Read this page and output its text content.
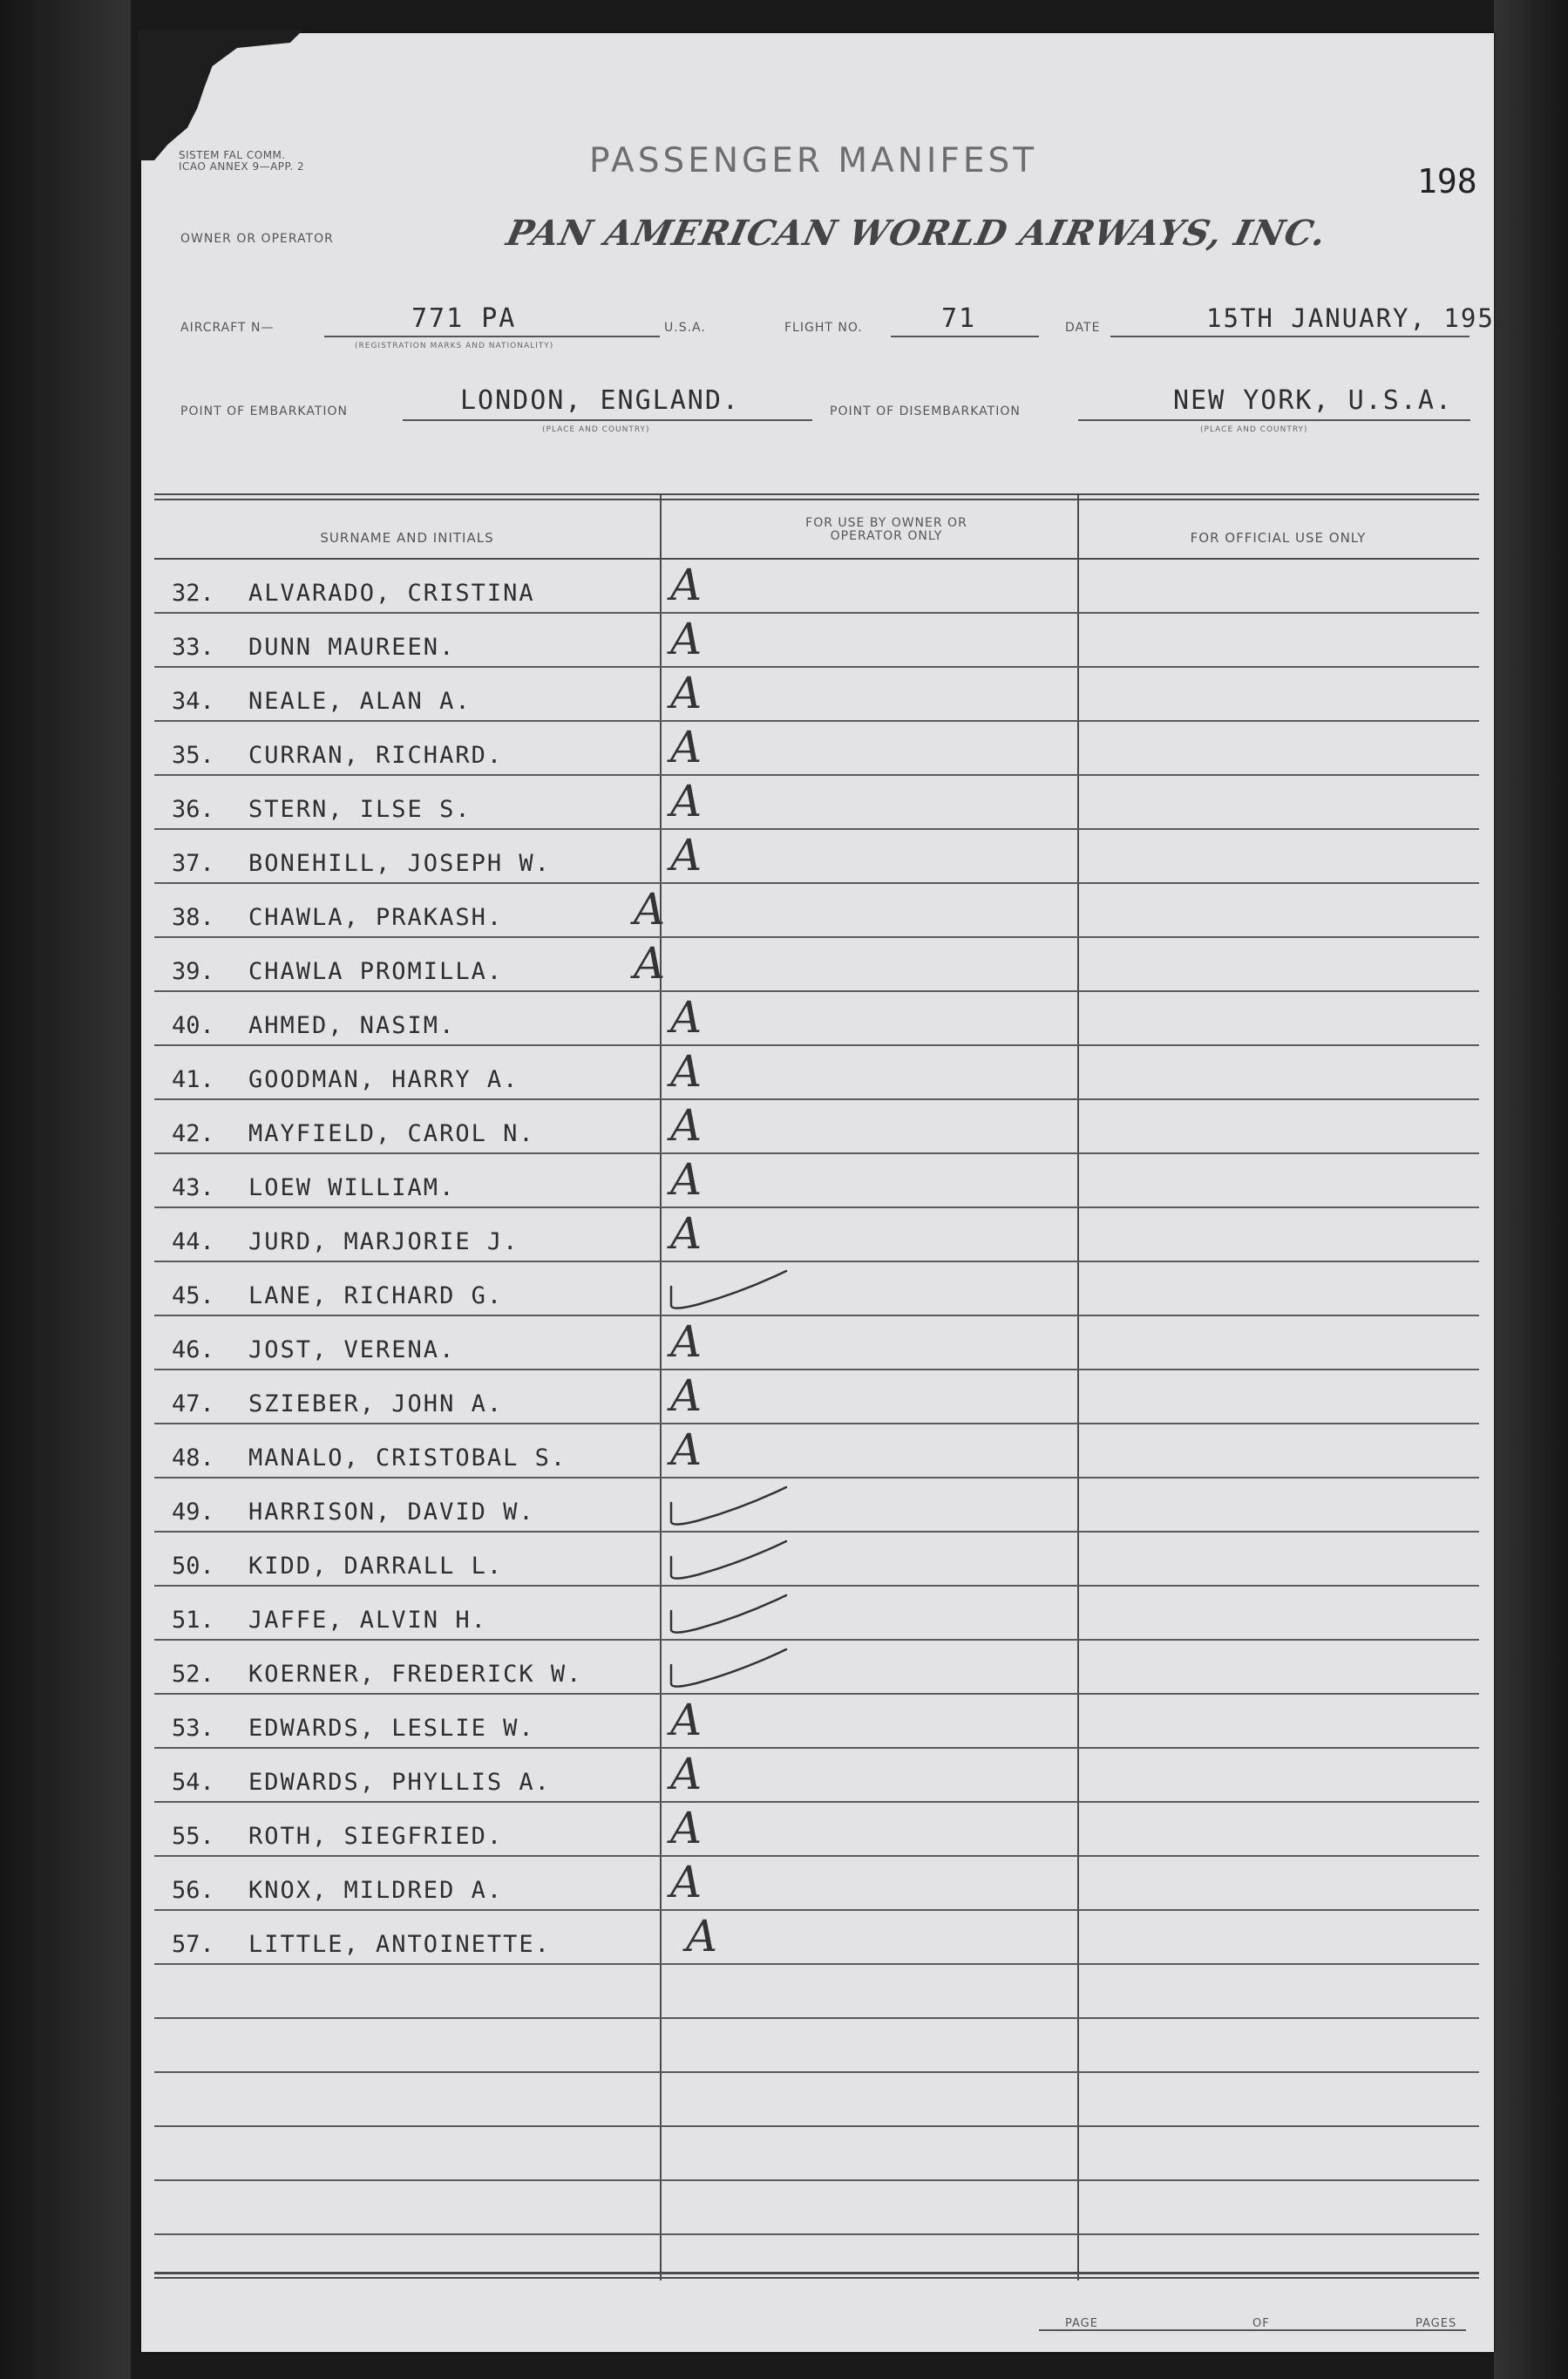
SISTEM FAL COMM.
ICAO ANNEX 9—APP. 2	PASSENGER MANIFEST
198
OWNER OR OPERATOR	PAN AMERICAN WORLD AIRWAYS, INC.
AIRCRAFT N—	771 PA
(REGISTRATION MARKS AND NATIONALITY)
U.S.A.	FLIGHT NO.	71	DATE	15TH JANUARY, 1957
POINT OF EMBARKATION	LONDON, ENGLAND.
(PLACE AND COUNTRY)
POINT OF DISEMBARKATION	NEW YORK, U.S.A.
(PLACE AND COUNTRY)
SURNAME AND INITIALS
FOR USE BY OWNER OR OPERATOR ONLY	FOR OFFICIAL USE ONLY
32. ALVARADO, CRISTINA	A
33. DUNN MAUREEN.	A
34. NEALE, ALAN A.	A
35. CURRAN, RICHARD.	A
36. STERN, ILSE S.	A
37. BONEHILL, JOSEPH W.	A
38. CHAWLA, PRAKASH.	A
39. CHAWLA PROMILLA.	A
40. AHMED, NASIM.	A
41. GOODMAN, HARRY A.	A
42. MAYFIELD, CAROL N.	A
43. LOEW WILLIAM.	A
44. JURD, MARJORIE J.	A
45. LANE, RICHARD G.
46. JOST, VERENA.	A
47. SZIEBER, JOHN A.	A
48. MANALO, CRISTOBAL S. A
49. HARRISON, DAVID W.
50. KIDD, DARRALL L.
51. JAFFE, ALVIN H.
52. KOERNER, FREDERICK W.
53. EDWARDS, LESLIE W.	A
54. EDWARDS, PHYLLIS A.	A
55. ROTH, SIEGFRIED.	A
56. KNOX, MILDRED A.	A
57. LITTLE, ANTOINETTE.	A
PAGE	OF	PAGES
